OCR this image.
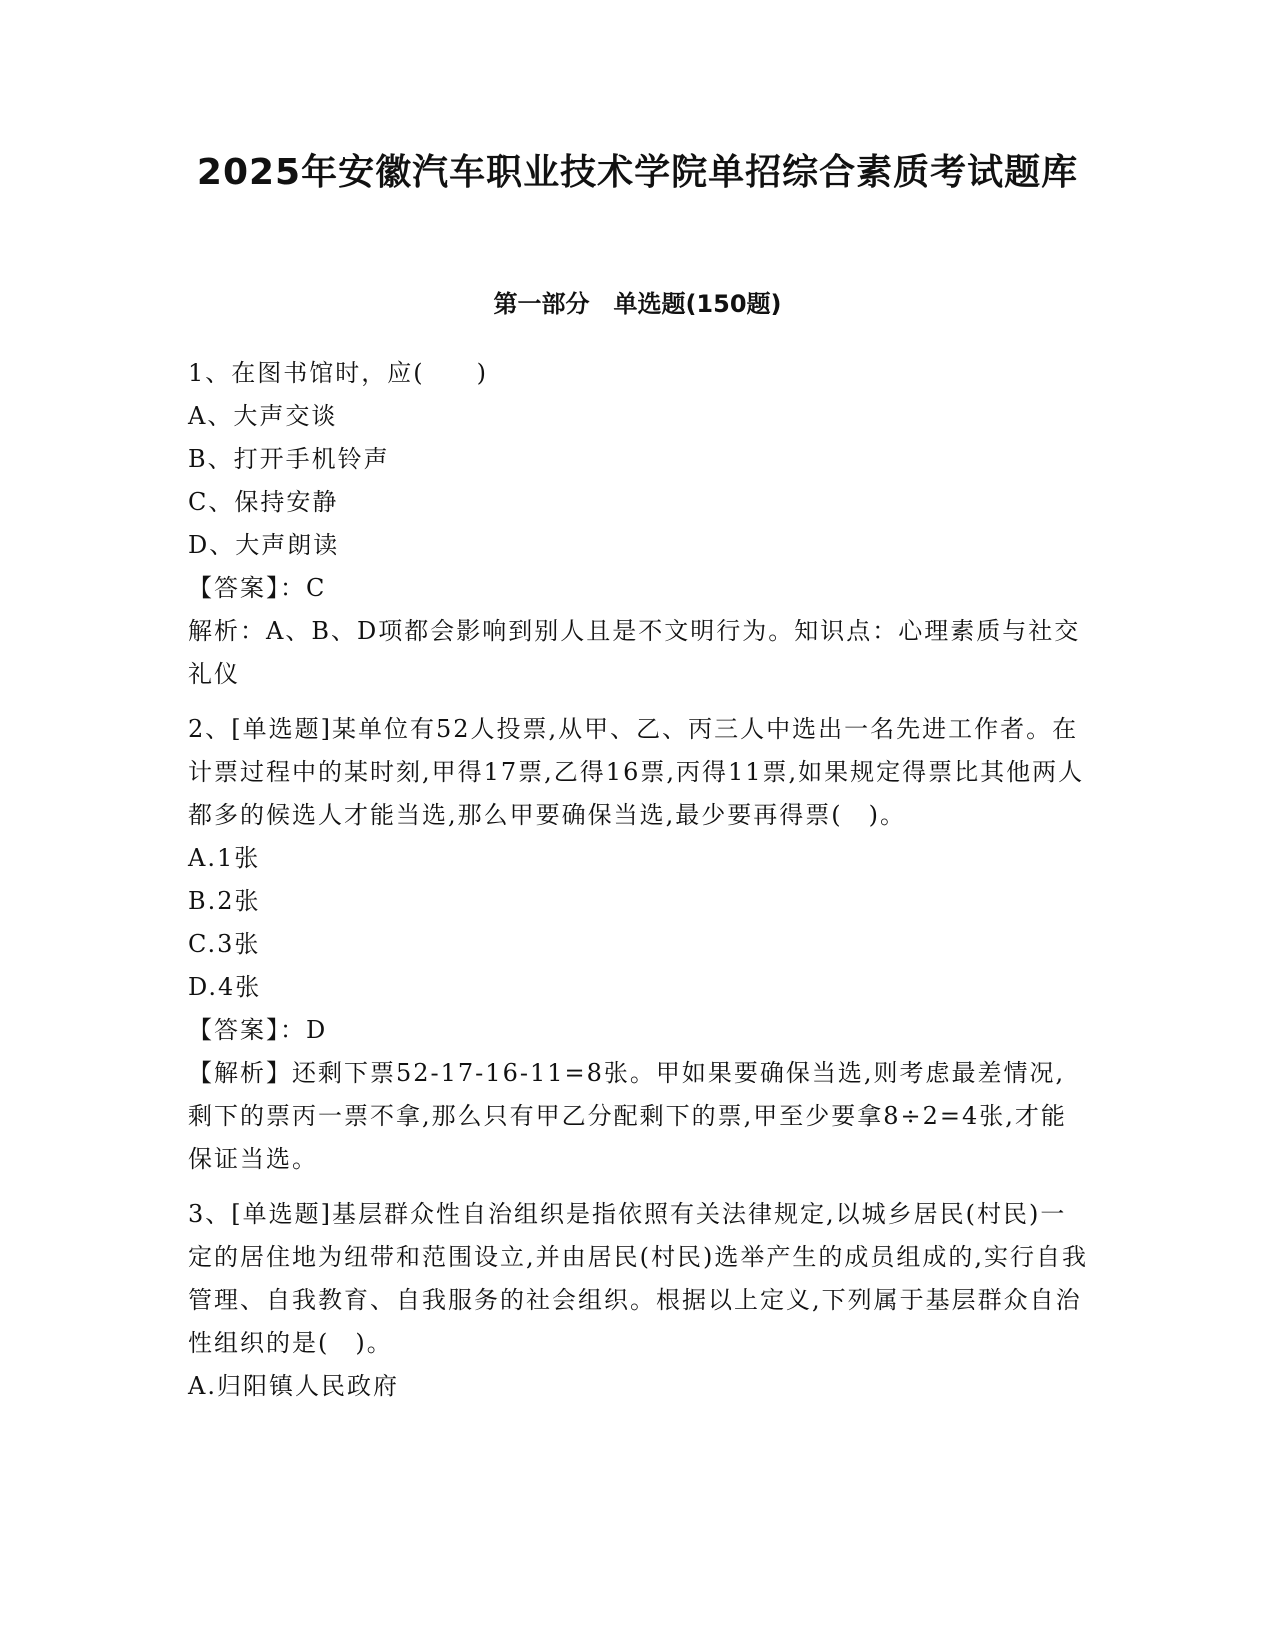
2025年安徽汽车职业技术学院单招综合素质考试题库
第一部分　单选题(150题)

1、在图书馆时，应(　　)

A、大声交谈

B、打开手机铃声

C、保持安静

D、大声朗读

【答案】：C

解析：A、B、D项都会影响到别人且是不文明行为。知识点：心理素质与社交礼仪

2、[单选题]某单位有52人投票,从甲、乙、丙三人中选出一名先进工作者。在计票过程中的某时刻,甲得17票,乙得16票,丙得11票,如果规定得票比其他两人都多的候选人才能当选,那么甲要确保当选,最少要再得票(　)。

A.1张

B.2张

C.3张

D.4张

【答案】：D

【解析】还剩下票52-17-16-11=8张。甲如果要确保当选,则考虑最差情况,剩下的票丙一票不拿,那么只有甲乙分配剩下的票,甲至少要拿8÷2=4张,才能保证当选。

3、[单选题]基层群众性自治组织是指依照有关法律规定,以城乡居民(村民)一定的居住地为纽带和范围设立,并由居民(村民)选举产生的成员组成的,实行自我管理、自我教育、自我服务的社会组织。根据以上定义,下列属于基层群众自治性组织的是(　)。

A.归阳镇人民政府
